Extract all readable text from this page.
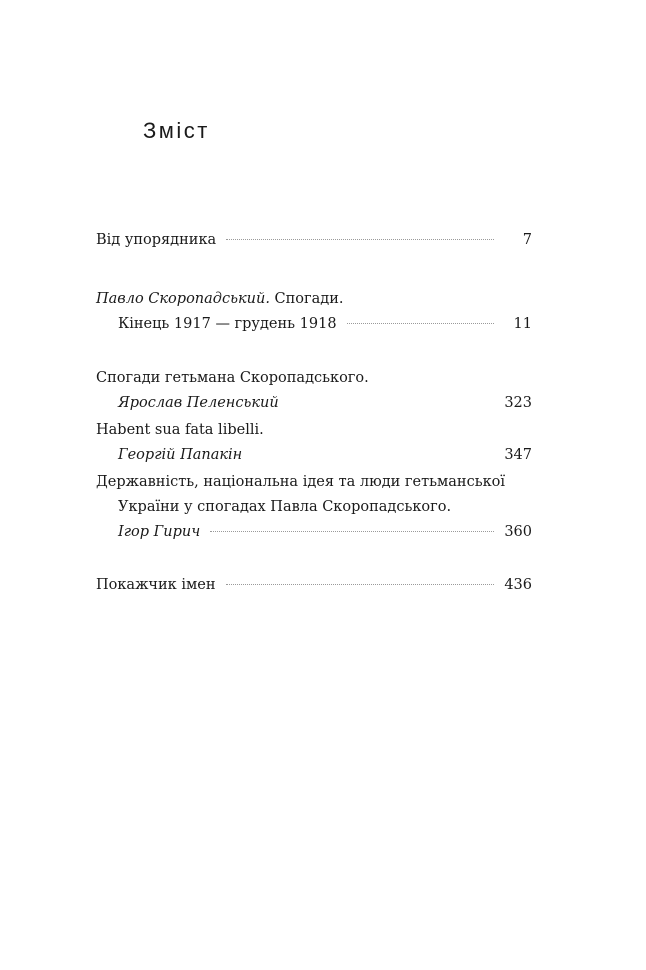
Зміст
Від упорядника	7
Павло Скоропадський.
Спогади.
Кінець 1917 — грудень 1918	11
Спогади гетьмана Скоропадського.
Ярослав Пеленський	323
Habent sua fata libelli.
Георгій Папакін	347
Державність, національна ідея та люди гетьманської
України у спогадах Павла Скоропадського.
Ігор Гирич	360
Покажчик імен	436
